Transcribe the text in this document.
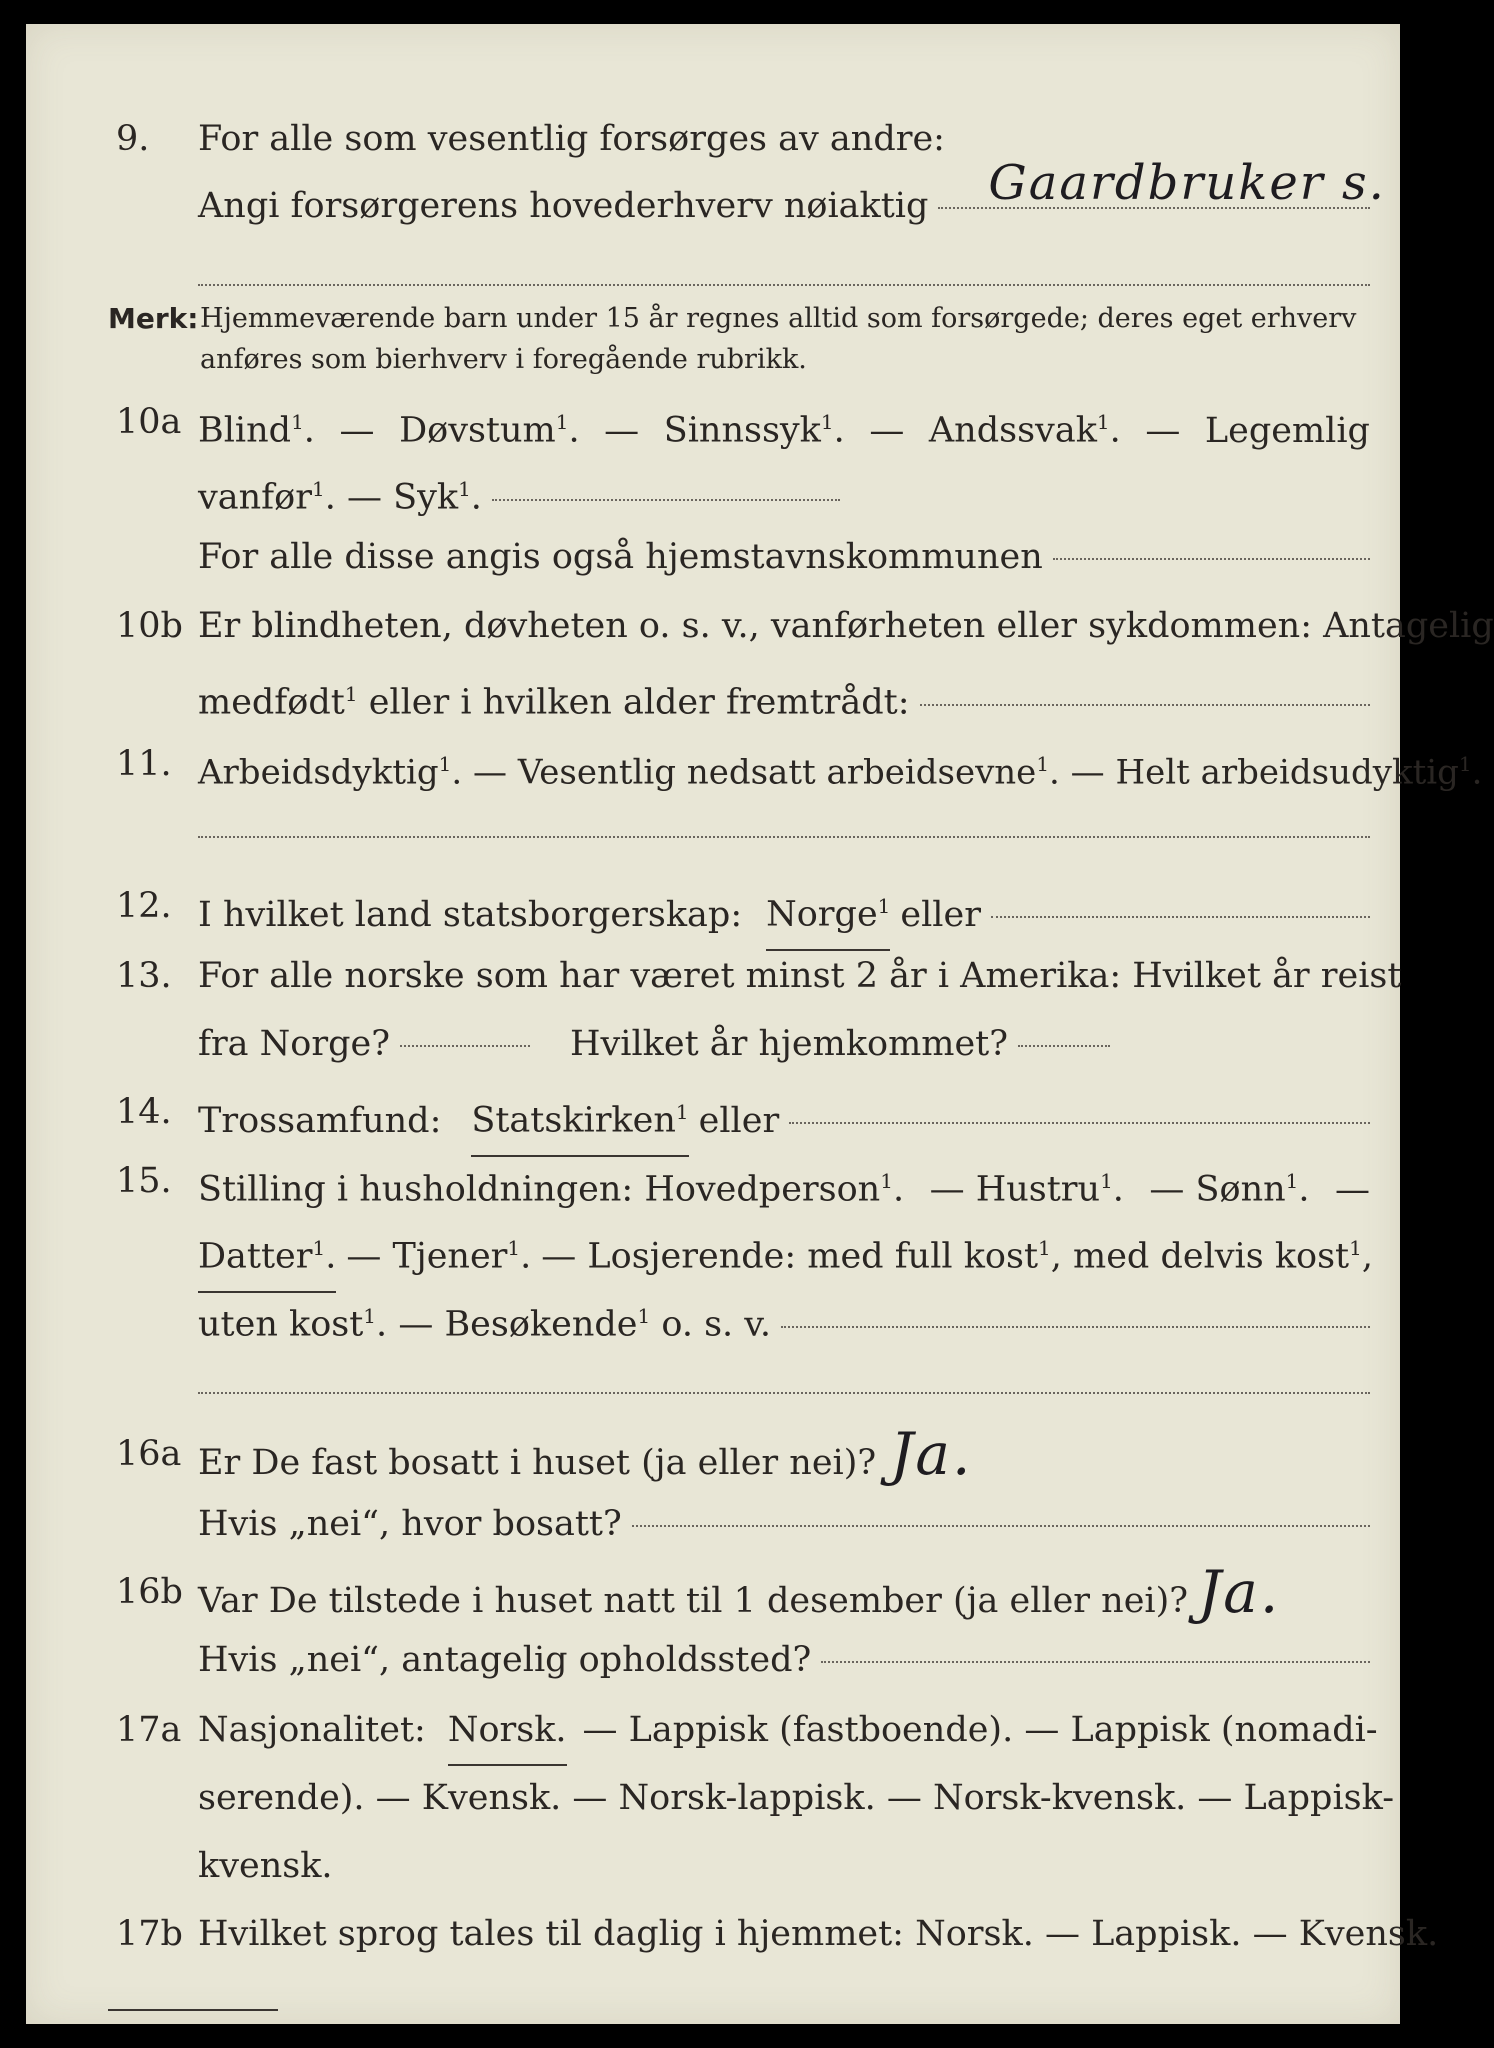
9.	For alle som vesentlig forsørges av andre:
Angi forsørgerens hovederhverv nøiaktig Gaardbruker s.
Merk: Hjemmeværende barn under 15 år regnes alltid som forsørgede; deres eget erhverv

anføres som bierhverv i foregående rubrikk.
10a Blind$^1$. — Døvstum$^1$. — Sinnssyk$^1$. — Andssvak$^1$. — Legemlig
vanfør$^1$. — Syk$^1$.
For alle disse angis også hjemstavnskommunen
10b Er blindheten, døvheten o. s. v., vanførheten eller sykdommen: Antagelig
medfødt$^1$ eller i hvilken alder fremtrådt:
11. Arbeidsdyktig$^1$. — Vesentlig nedsatt arbeidsevne$^1$. — Helt arbeidsudyktig$^1$.
12. I hvilket land statsborgerskap: Norge$^1$ eller
13. For alle norske som har været minst 2 år i Amerika: Hvilket år reist
fra Norge?	Hvilket år hjemkommet?
14. Trossamfund: Statskirken$^1$ eller
15. Stilling i husholdningen: Hovedperson$^1$. — Hustru$^1$. — Sønn$^1$. —
Datter$^1$. — Tjener$^1$. — Losjerende: med full kost$^1$, med delvis kost$^1$,
uten kost$^1$. — Besøkende$^1$ o. s. v.
16a Er De fast bosatt i huset (ja eller nei)? Ja.
Hvis „nei“, hvor bosatt?
16b Var De tilstede i huset natt til 1 desember (ja eller nei)? Ja.
Hvis „nei“, antagelig opholdssted?
17a Nasjonalitet: Norsk. — Lappisk (fastboende). — Lappisk (nomadi-
serende). — Kvensk. — Norsk-lappisk. — Norsk-kvensk. — Lappisk-
kvensk.
17b Hvilket sprog tales til daglig i hjemmet: Norsk. — Lappisk. — Kvensk.
